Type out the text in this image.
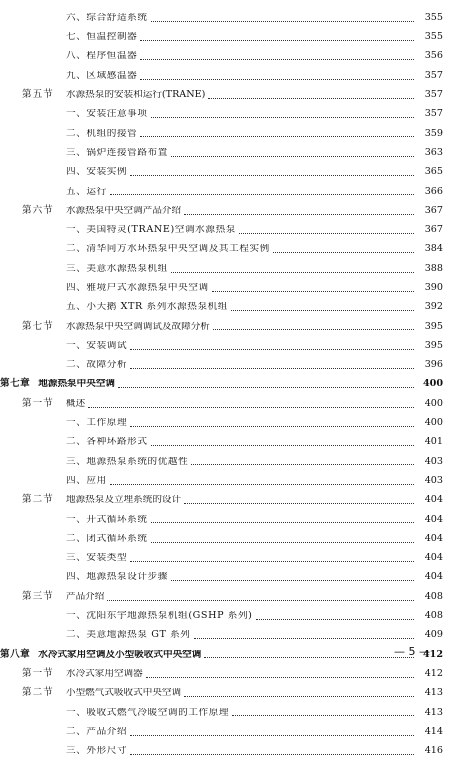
六、综合舒适系统	355
七、恒温控制器	355
八、程序恒温器	356
九、区域感温器	357
第五节	水源热泵的安装和运行(TRANE)	357
一、安装注意事项	357
二、机组的接管	359
三、锅炉连接管路布置	363
四、安装实例	365
五、运行	366
第六节	水源热泵中央空调产品介绍	367
一、美国特灵(TRANE)空调水源热泵	367
二、清华同方水环热泵中央空调及其工程实例	384
三、美意水源热泵机组	388
四、雅境户式水源热泵中央空调	390
五、小天鹅 XTR 系列水源热泵机组	392
第七节	水源热泵中央空调调试及故障分析	395
一、安装调试	395
二、故障分析	396
第七章 地源热泵中央空调	400
第一节	概述	400
一、工作原理	400
二、各种环路形式	401
三、地源热泵系统的优越性	403
四、应用	403
第二节	地源热泵及立埋系统的设计	404
一、开式循环系统	404
二、闭式循环系统	404
三、安装类型	404
四、地源热泵设计步骤	404
第三节	产品介绍	408
一、沈阳东宇地源热泵机组(GSHP 系列)	408
二、美意地源热泵 GT 系列	409
第八章 水冷式家用空调及小型吸收式中央空调	412
第一节	水冷式家用空调器	412
第二节	小型燃气式吸收式中央空调	413
一、吸收式燃气冷暖空调的工作原理	413
二、产品介绍	414
三、外形尺寸	416
— 5 —
